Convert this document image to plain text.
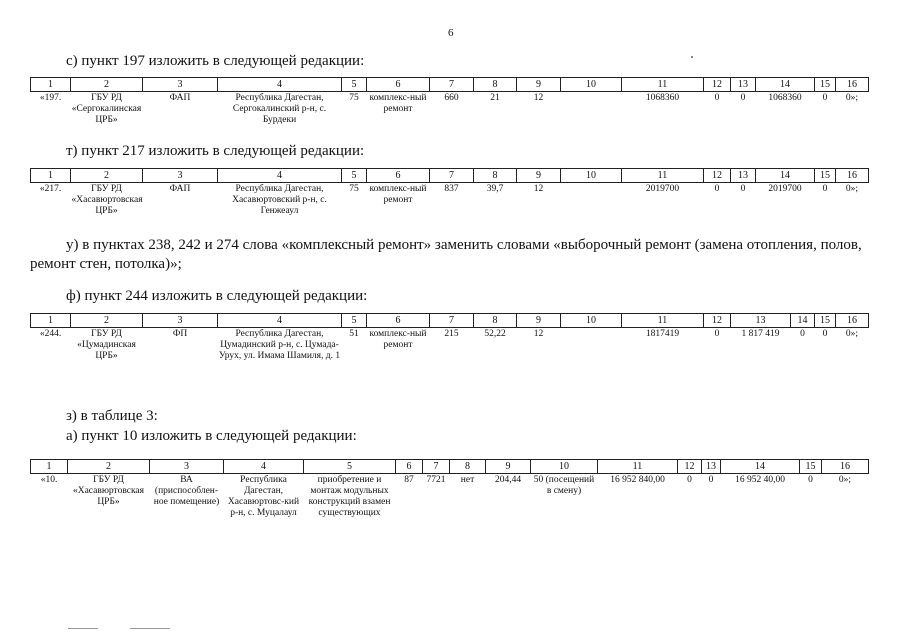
6
с) пункт 197 изложить в следующей редакции:
1	2	3	4	5	6	7	8	9	10	11	12	13	14	15	16
«197.	ГБУ РД «Сергокалинская ЦРБ»	ФАП	Республика Дагестан, Сергокалинский р-н, с. Бурдеки	75	комплекс-ный ремонт	660	21	12		1068360	0	0	1068360	0	0»;
т) пункт 217 изложить в следующей редакции:
1	2	3	4	5	6	7	8	9	10	11	12	13	14	15	16
«217.	ГБУ РД «Хасавюртовская ЦРБ»	ФАП	Республика Дагестан, Хасавюртовский р-н, с. Генжеаул	75	комплекс-ный ремонт	837	39,7	12		2019700	0	0	2019700	0	0»;
у) в пунктах 238, 242 и 274 слова «комплексный ремонт» заменить словами «выборочный ремонт (замена отопления, полов, ремонт стен, потолка)»;
ф) пункт 244 изложить в следующей редакции:
1	2	3	4	5	6	7	8	9	10	11	12	13	14	15	16
«244.	ГБУ РД «Цумадинская ЦРБ»	ФП	Республика Дагестан, Цумадинский р-н, с. Цумада-Урух, ул. Имама Шамиля, д. 1	51	комплекс-ный ремонт	215	52,22	12		1817419	0	1 817 419	0	0	0»;
з) в таблице 3:
а) пункт 10 изложить в следующей редакции:
1	2	3	4	5	6	7	8	9	10	11	12	13	14	15	16
«10.	ГБУ РД «Хасавюртовская ЦРБ»	ВА (приспособлен-ное помещение)	Республика Дагестан, Хасавюртовс-кий р-н, с. Муцалаул	приобретение и монтаж модульных конструкций взамен существующих	87	7721	нет	204,44	50 (посещений в смену)	16 952 840,00	0	0	16 952 40,00	0	0»;
